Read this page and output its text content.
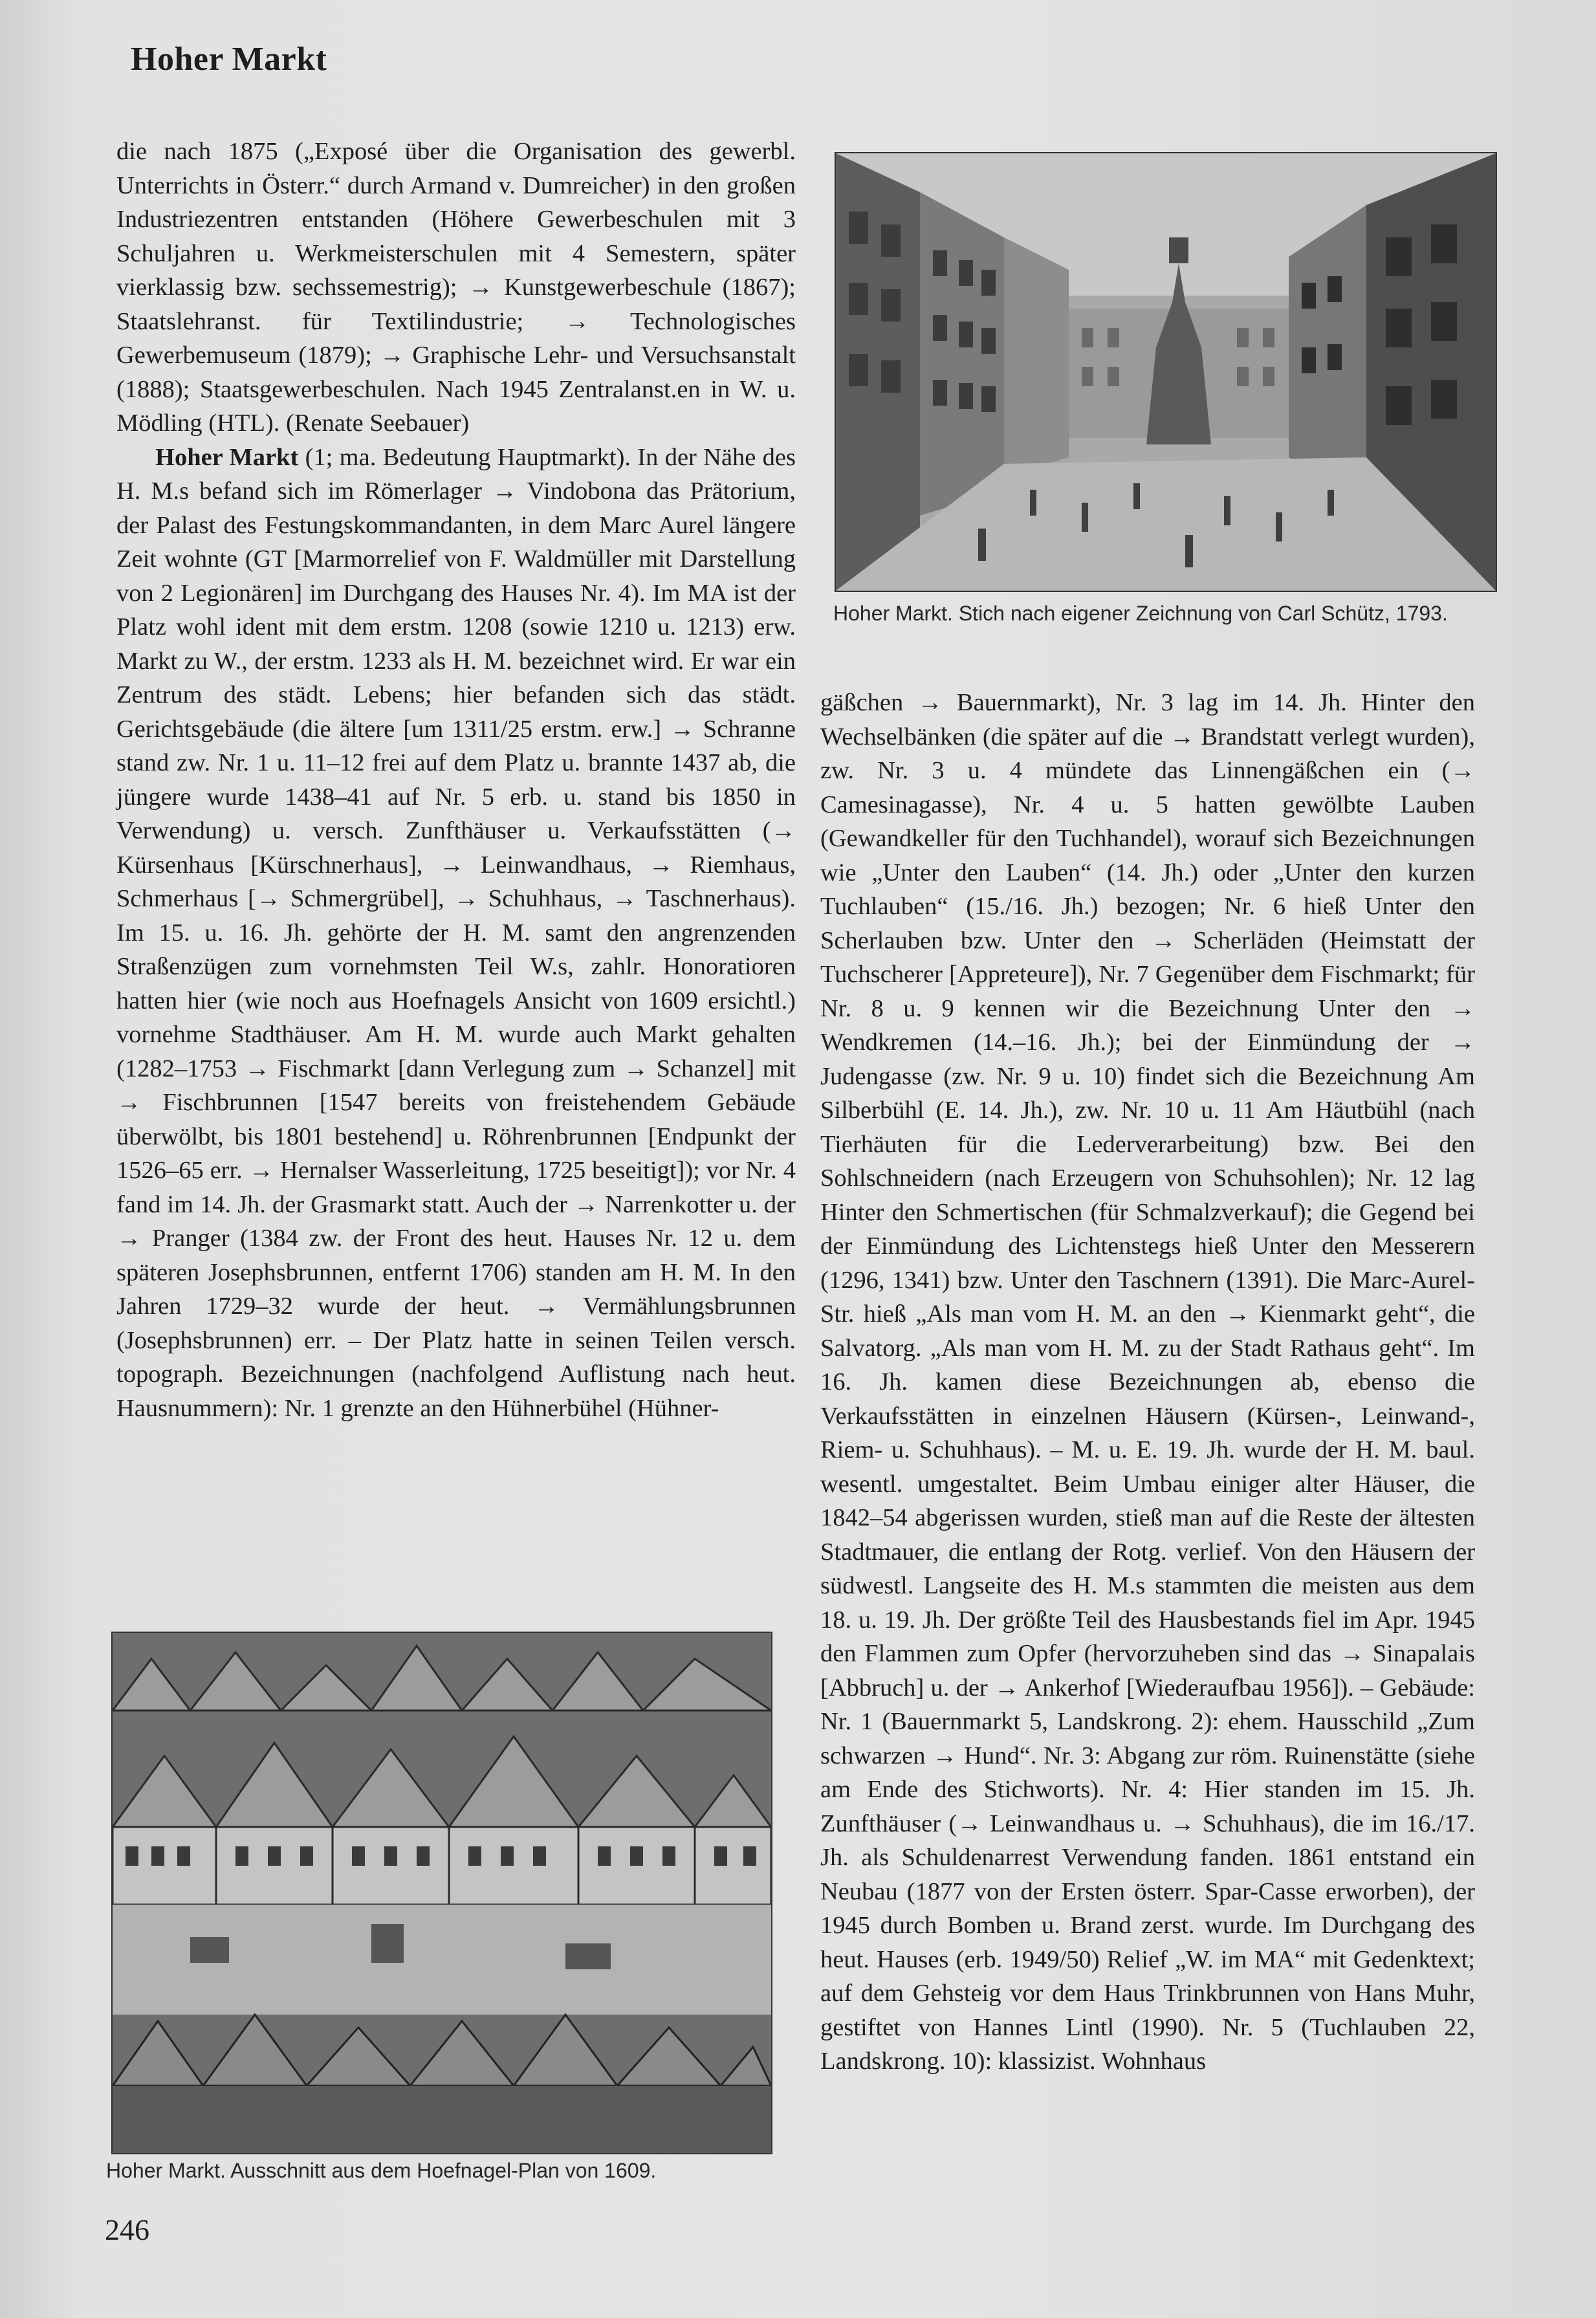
Hoher Markt

die nach 1875 („Exposé über die Organisation des gewerbl. Unterrichts in Österr.“ durch Armand v. Dumreicher) in den großen Industriezentren entstanden (Höhere Gewerbeschulen mit 3 Schuljahren u. Werkmeisterschulen mit 4 Semestern, später vierklassig bzw. sechssemestrig); → Kunstgewerbeschule (1867); Staatslehranst. für Textilindustrie; → Technologisches Gewerbemuseum (1879); → Graphische Lehr- und Versuchsanstalt (1888); Staatsgewerbeschulen. Nach 1945 Zentralanst.en in W. u. Mödling (HTL). (Renate Seebauer)

Hoher Markt (1; ma. Bedeutung Hauptmarkt). In der Nähe des H. M.s befand sich im Römerlager → Vindobona das Prätorium, der Palast des Festungskommandanten, in dem Marc Aurel längere Zeit wohnte (GT [Marmorrelief von F. Waldmüller mit Darstellung von 2 Legionären] im Durchgang des Hauses Nr. 4). Im MA ist der Platz wohl ident mit dem erstm. 1208 (sowie 1210 u. 1213) erw. Markt zu W., der erstm. 1233 als H. M. bezeichnet wird. Er war ein Zentrum des städt. Lebens; hier befanden sich das städt. Gerichtsgebäude (die ältere [um 1311/25 erstm. erw.] → Schranne stand zw. Nr. 1 u. 11–12 frei auf dem Platz u. brannte 1437 ab, die jüngere wurde 1438–41 auf Nr. 5 erb. u. stand bis 1850 in Verwendung) u. versch. Zunfthäuser u. Verkaufsstätten (→ Kürsenhaus [Kürschnerhaus], → Leinwandhaus, → Riemhaus, Schmerhaus [→ Schmergrübel], → Schuhhaus, → Taschnerhaus). Im 15. u. 16. Jh. gehörte der H. M. samt den angrenzenden Straßenzügen zum vornehmsten Teil W.s, zahlr. Honoratioren hatten hier (wie noch aus Hoefnagels Ansicht von 1609 ersichtl.) vornehme Stadthäuser. Am H. M. wurde auch Markt gehalten (1282–1753 → Fischmarkt [dann Verlegung zum → Schanzel] mit → Fischbrunnen [1547 bereits von freistehendem Gebäude überwölbt, bis 1801 bestehend] u. Röhrenbrunnen [Endpunkt der 1526–65 err. → Hernalser Wasserleitung, 1725 beseitigt]); vor Nr. 4 fand im 14. Jh. der Grasmarkt statt. Auch der → Narrenkotter u. der → Pranger (1384 zw. der Front des heut. Hauses Nr. 12 u. dem späteren Josephsbrunnen, entfernt 1706) standen am H. M. In den Jahren 1729–32 wurde der heut. → Vermählungsbrunnen (Josephsbrunnen) err. – Der Platz hatte in seinen Teilen versch. topograph. Bezeichnungen (nachfolgend Auflistung nach heut. Hausnummern): Nr. 1 grenzte an den Hühnerbühel (Hühner-

Hoher Markt. Stich nach eigener Zeichnung von Carl Schütz, 1793.

gäßchen → Bauernmarkt), Nr. 3 lag im 14. Jh. Hinter den Wechselbänken (die später auf die → Brandstatt verlegt wurden), zw. Nr. 3 u. 4 mündete das Linnengäßchen ein (→ Camesinagasse), Nr. 4 u. 5 hatten gewölbte Lauben (Gewandkeller für den Tuchhandel), worauf sich Bezeichnungen wie „Unter den Lauben“ (14. Jh.) oder „Unter den kurzen Tuchlauben“ (15./16. Jh.) bezogen; Nr. 6 hieß Unter den Scherlauben bzw. Unter den → Scherläden (Heimstatt der Tuchscherer [Appreteure]), Nr. 7 Gegenüber dem Fischmarkt; für Nr. 8 u. 9 kennen wir die Bezeichnung Unter den → Wendkremen (14.–16. Jh.); bei der Einmündung der → Judengasse (zw. Nr. 9 u. 10) findet sich die Bezeichnung Am Silberbühl (E. 14. Jh.), zw. Nr. 10 u. 11 Am Häutbühl (nach Tierhäuten für die Lederverarbeitung) bzw. Bei den Sohlschneidern (nach Erzeugern von Schuhsohlen); Nr. 12 lag Hinter den Schmertischen (für Schmalzverkauf); die Gegend bei der Einmündung des Lichtenstegs hieß Unter den Messerern (1296, 1341) bzw. Unter den Taschnern (1391). Die Marc-Aurel-Str. hieß „Als man vom H. M. an den → Kienmarkt geht“, die Salvatorg. „Als man vom H. M. zu der Stadt Rathaus geht“. Im 16. Jh. kamen diese Bezeichnungen ab, ebenso die Verkaufsstätten in einzelnen Häusern (Kürsen-, Leinwand-, Riem- u. Schuhhaus). – M. u. E. 19. Jh. wurde der H. M. baul. wesentl. umgestaltet. Beim Umbau einiger alter Häuser, die 1842–54 abgerissen wurden, stieß man auf die Reste der ältesten Stadtmauer, die entlang der Rotg. verlief. Von den Häusern der südwestl. Langseite des H. M.s stammten die meisten aus dem 18. u. 19. Jh. Der größte Teil des Hausbestands fiel im Apr. 1945 den Flammen zum Opfer (hervorzuheben sind das → Sinapalais [Abbruch] u. der → Ankerhof [Wiederaufbau 1956]). – Gebäude: Nr. 1 (Bauernmarkt 5, Landskrong. 2): ehem. Hausschild „Zum schwarzen → Hund“. Nr. 3: Abgang zur röm. Ruinenstätte (siehe am Ende des Stichworts). Nr. 4: Hier standen im 15. Jh. Zunfthäuser (→ Leinwandhaus u. → Schuhhaus), die im 16./17. Jh. als Schuldenarrest Verwendung fanden. 1861 entstand ein Neubau (1877 von der Ersten österr. Spar-Casse erworben), der 1945 durch Bomben u. Brand zerst. wurde. Im Durchgang des heut. Hauses (erb. 1949/50) Relief „W. im MA“ mit Gedenktext; auf dem Gehsteig vor dem Haus Trinkbrunnen von Hans Muhr, gestiftet von Hannes Lintl (1990). Nr. 5 (Tuchlauben 22, Landskrong. 10): klassizist. Wohnhaus

Hoher Markt. Ausschnitt aus dem Hoefnagel-Plan von 1609.
246
